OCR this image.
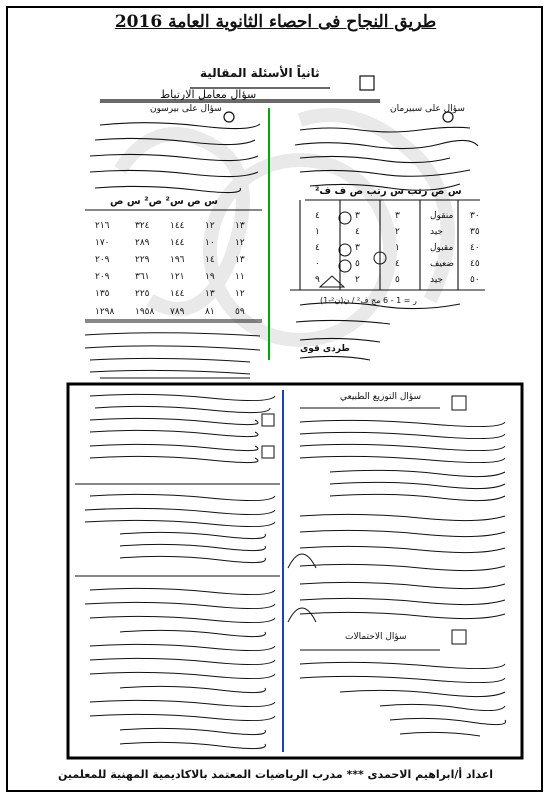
طريق النجاح فى احصاء الثانوية العامة 2016
٣٠
منقول
٣
٣
٤
٣٥
جيد
٢
٤
١
٤٠
مقبول
١
٣
٤
٤٥
ضعيف
٤
٥
٠
٥٠
جيد
٥
٢
٩
١٣
١٢
١٤٤
٣٢٤
٢١٦
١٢
١٠
١٤٤
٢٨٩
١٧٠
١٣
١٤
١٩٦
٢٢٩
٢٠٩
١١
١٩
١٢١
٣٦١
٢٠٩
١٢
١٣
١٤٤
٢٢٥
١٣٥
٥٩
٨١
٧٨٩
١٩٥٨
١٢٩٨
ثانياً الأسئلة المقالية
سؤال معامل الارتباط
سؤال على سبيرمان
سؤال على بيرسون
س ص رتب س رتب ص ف ف²
س ص س² ص² س ص
ر = 1 - 6 مج ف² / ن(ن²-1)
طردى قوى
سؤال التوزيع الطبيعي
سؤال الاحتمالات
اعداد أ/ابراهيم الاحمدى *** مدرب الرياضيات المعتمد بالاكاديمية المهنية للمعلمين
